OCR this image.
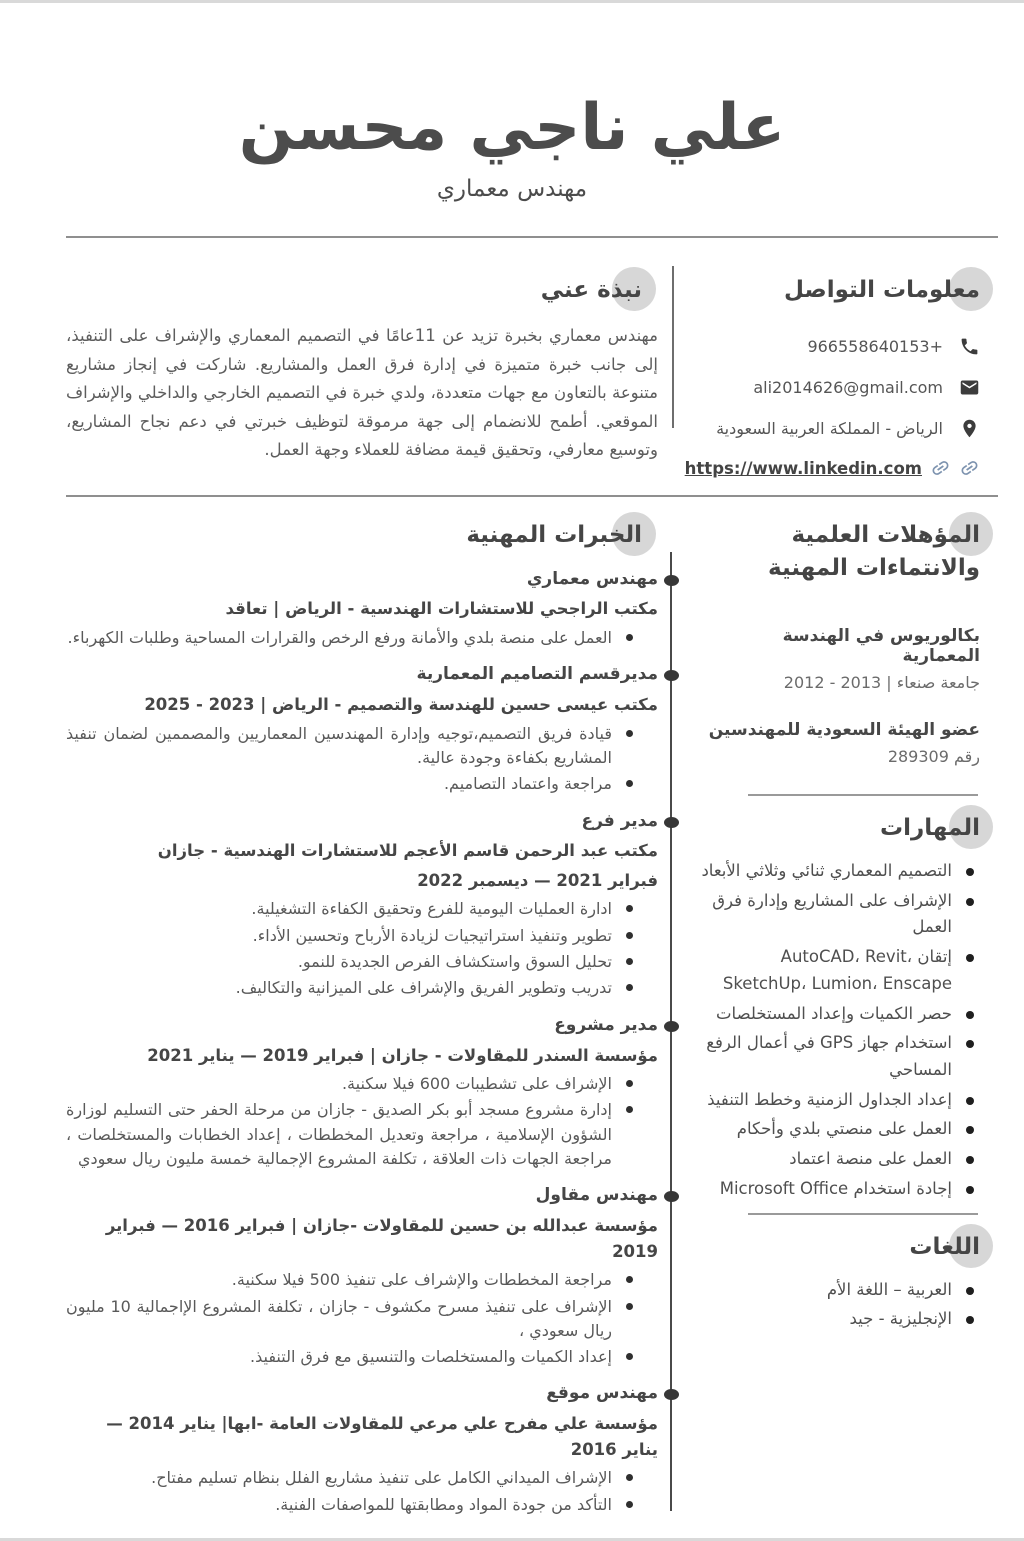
علي ناجي محسن
مهندس معماري
معلومات التواصل
+966558640153
ali2014626@gmail.com
الرياض - المملكة العربية السعودية
https://www.linkedin.com
نبذة عني

مهندس معماري بخبرة تزيد عن 11عامًا في التصميم المعماري والإشراف على التنفيذ، إلى جانب خبرة متميزة في إدارة فرق العمل والمشاريع. شاركت في إنجاز مشاريع متنوعة بالتعاون مع جهات متعددة، ولدي خبرة في التصميم الخارجي والداخلي والإشراف الموقعي. أطمح للانضمام إلى جهة مرموقة لتوظيف خبرتي في دعم نجاح المشاريع، وتوسيع معارفي، وتحقيق قيمة مضافة للعملاء وجهة العمل.

المؤهلات العلمية والانتماءات المهنية
بكالوريوس في الهندسة المعمارية

جامعة صنعاء | 2013 - 2012

عضو الهيئة السعودية للمهندسين

رقم 289309

المهارات
التصميم المعماري ثنائي وثلاثي الأبعاد
الإشراف على المشاريع وإدارة فرق العمل
إتقان AutoCAD، Revit، SketchUp، Lumion، Enscape
حصر الكميات وإعداد المستخلصات
استخدام جهاز GPS في أعمال الرفع المساحي
إعداد الجداول الزمنية وخطط التنفيذ
العمل على منصتي بلدي وأحكام
العمل على منصة اعتماد
إجادة استخدام Microsoft Office
اللغات
العربية – اللغة الأم
الإنجليزية - جيد
الخبرات المهنية
مهندس معماري

مكتب الراجحي للاستشارات الهندسية - الرياض | تعاقد

العمل على منصة بلدي والأمانة ورفع الرخص والقرارات المساحية وطلبات الكهرباء.
مديرقسم التصاميم المعمارية

مكتب عيسى حسين للهندسة والتصميم - الرياض | 2023 - 2025

قيادة فريق التصميم،توجيه وإدارة المهندسين المعماريين والمصممين لضمان تنفيذ المشاريع بكفاءة وجودة عالية.
مراجعة واعتماد التصاميم.
مدير فرع

مكتب عبد الرحمن قاسم الأعجم للاستشارات الهندسية - جازان

فبراير 2021 — ديسمبر 2022

ادارة العمليات اليومية للفرع وتحقيق الكفاءة التشغيلية.
تطوير وتنفيذ استراتيجيات لزيادة الأرباح وتحسين الأداء.
تحليل السوق واستكشاف الفرص الجديدة للنمو.
تدريب وتطوير الفريق والإشراف على الميزانية والتكاليف.
مدير مشروع

مؤسسة السندر للمقاولات - جازان | فبراير 2019 — يناير 2021

الإشراف على تشطيبات 600 فيلا سكنية.
إدارة مشروع مسجد أبو بكر الصديق - جازان من مرحلة الحفر حتى التسليم لوزارة الشؤون الإسلامية ، مراجعة وتعديل المخططات ، إعداد الخطابات والمستخلصات ، مراجعة الجهات ذات العلاقة ، تكلفة المشروع الإجمالية خمسة مليون ريال سعودي
مهندس مقاول

مؤسسة عبدالله بن حسين للمقاولات -جازان | فبراير 2016 — فبراير 2019

مراجعة المخططات والإشراف على تنفيذ 500 فيلا سكنية.
الإشراف على تنفيذ مسرح مكشوف - جازان ، تكلفة المشروع الإاجمالية 10 مليون ريال سعودي ،
إعداد الكميات والمستخلصات والتنسيق مع فرق التنفيذ.
مهندس موقع

مؤسسة علي مفرح علي مرعي للمقاولات العامة -ابها| يناير 2014 — يناير 2016

الإشراف الميداني الكامل على تنفيذ مشاريع الفلل بنظام تسليم مفتاح.
التأكد من جودة المواد ومطابقتها للمواصفات الفنية.
